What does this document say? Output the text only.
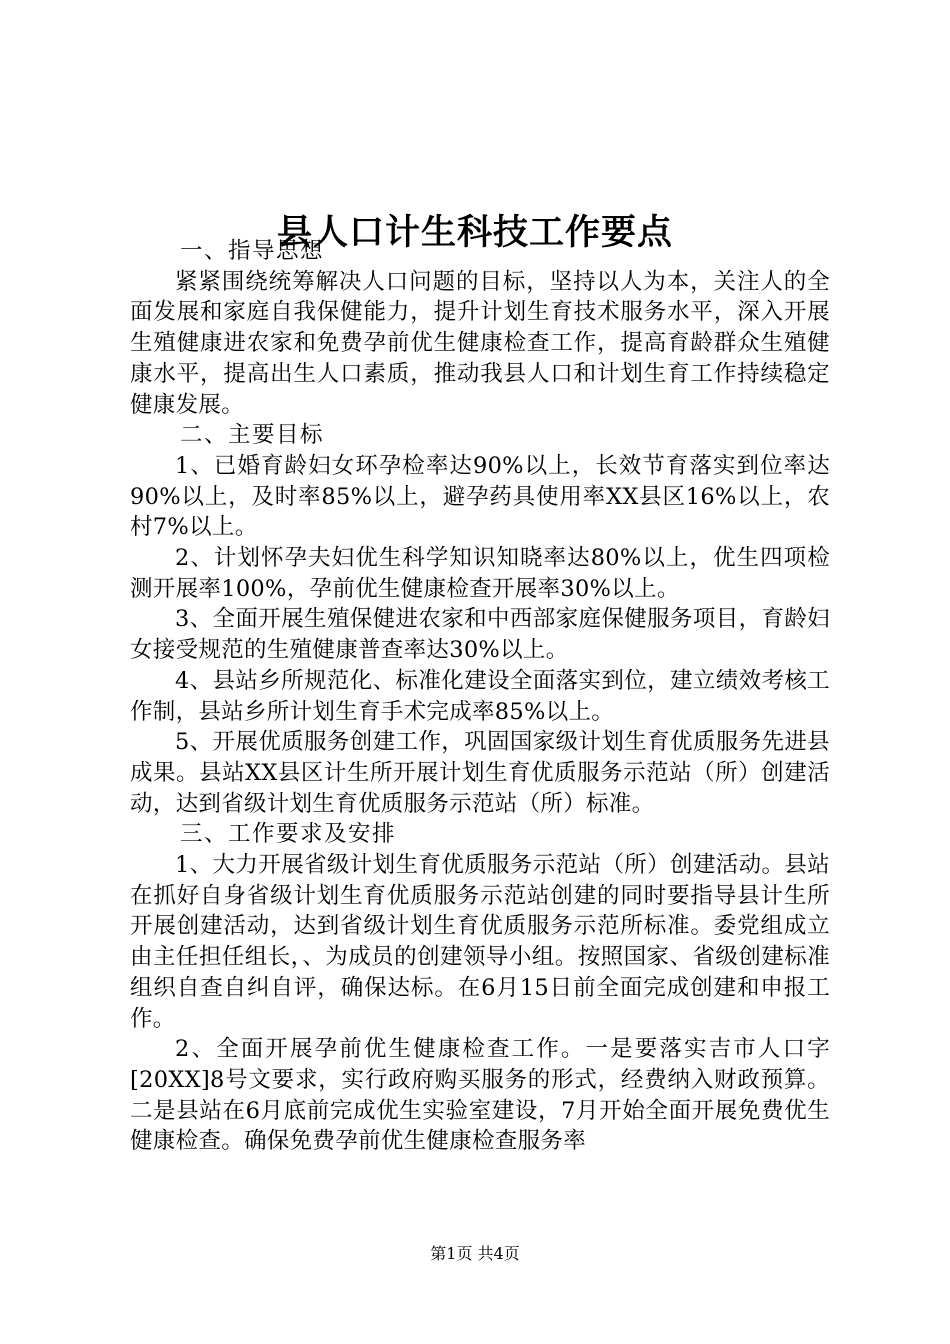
县人口计生科技工作要点

一、指导思想

紧紧围绕统筹解决人口问题的目标，坚持以人为本，关注人的全面发展和家庭自我保健能力，提升计划生育技术服务水平，深入开展生殖健康进农家和免费孕前优生健康检查工作，提高育龄群众生殖健康水平，提高出生人口素质，推动我县人口和计划生育工作持续稳定健康发展。

二、主要目标

1、已婚育龄妇女环孕检率达90%以上，长效节育落实到位率达90%以上，及时率85%以上，避孕药具使用率XX县区16%以上，农村7%以上。

2、计划怀孕夫妇优生科学知识知晓率达80%以上，优生四项检测开展率100%，孕前优生健康检查开展率30%以上。

3、全面开展生殖保健进农家和中西部家庭保健服务项目，育龄妇女接受规范的生殖健康普查率达30%以上。

4、县站乡所规范化、标准化建设全面落实到位，建立绩效考核工作制，县站乡所计划生育手术完成率85%以上。

5、开展优质服务创建工作，巩固国家级计划生育优质服务先进县成果。县站XX县区计生所开展计划生育优质服务示范站（所）创建活动，达到省级计划生育优质服务示范站（所）标准。

三、工作要求及安排

1、大力开展省级计划生育优质服务示范站（所）创建活动。县站在抓好自身省级计划生育优质服务示范站创建的同时要指导县计生所开展创建活动，达到省级计划生育优质服务示范所标准。委党组成立由主任担任组长，、为成员的创建领导小组。按照国家、省级创建标准组织自查自纠自评，确保达标。在6月15日前全面完成创建和申报工作。

2、全面开展孕前优生健康检查工作。一是要落实吉市人口字[20XX]8号文要求，实行政府购买服务的形式，经费纳入财政预算。二是县站在6月底前完成优生实验室建设，7月开始全面开展免费优生健康检查。确保免费孕前优生健康检查服务率

第1页 共4页
